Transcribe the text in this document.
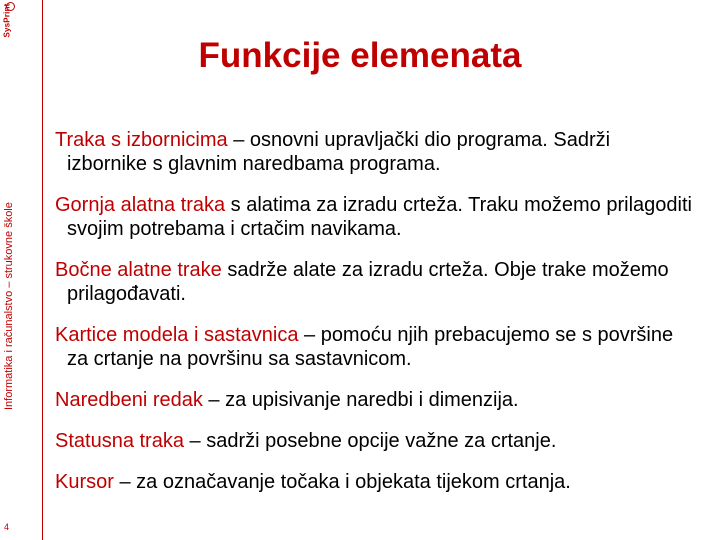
SysPrint
Informatika i računalstvo – strukovne škole
4
Funkcije elemenata
Traka s izbornicima – osnovni upravljački dio programa. Sadrži izbornike s glavnim naredbama programa.
Gornja alatna traka s alatima za izradu crteža. Traku možemo prilagoditi svojim potrebama i crtačim navikama.
Bočne alatne trake sadrže alate za izradu crteža. Obje trake možemo prilagođavati.
Kartice modela i sastavnica – pomoću njih prebacujemo se s površine za crtanje na površinu sa sastavnicom.
Naredbeni redak – za upisivanje naredbi i dimenzija.
Statusna traka – sadrži posebne opcije važne za crtanje.
Kursor – za označavanje točaka i objekata tijekom crtanja.
